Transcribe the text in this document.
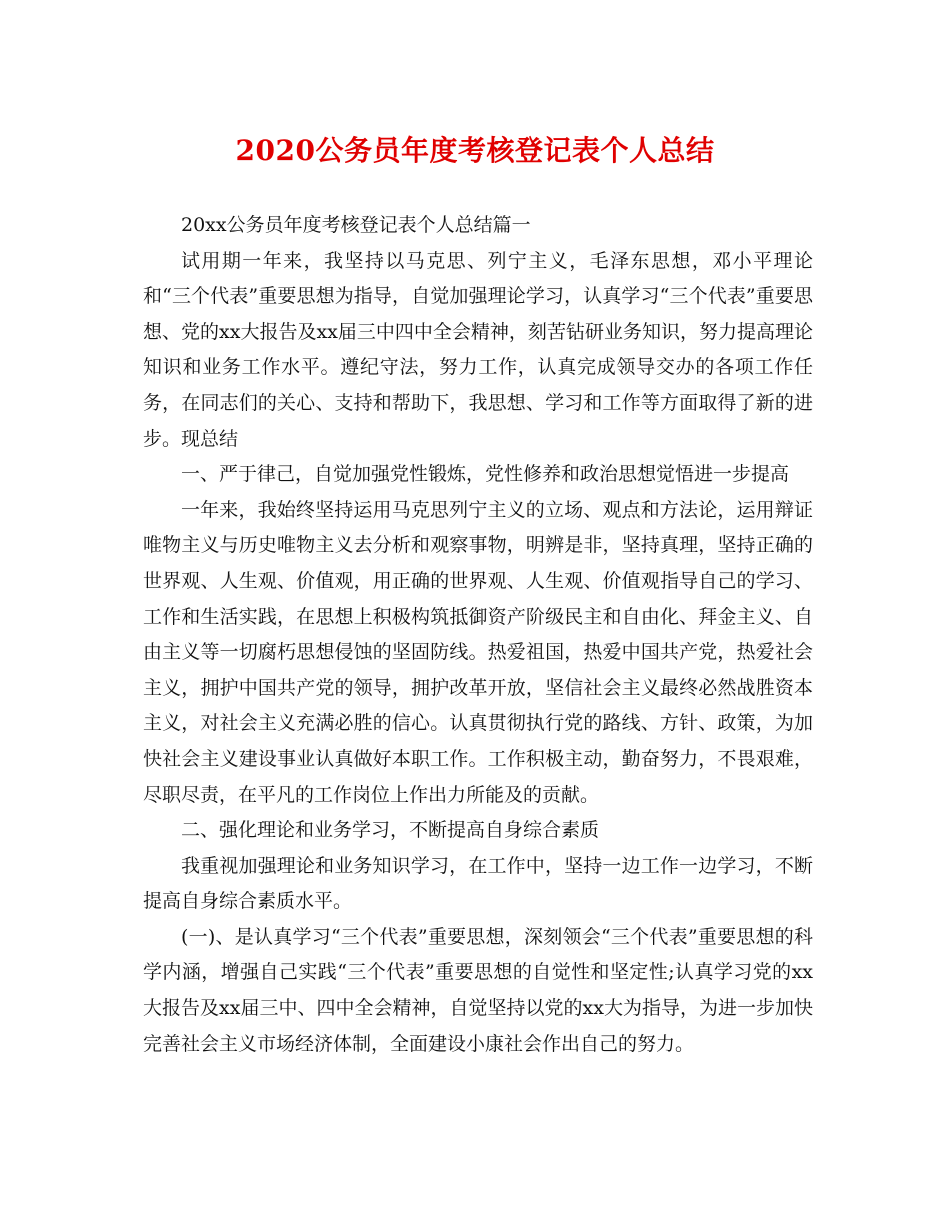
2020公务员年度考核登记表个人总结

20xx公务员年度考核登记表个人总结篇一

试用期一年来，我坚持以马克思、列宁主义，毛泽东思想，邓小平理论和“三个代表”重要思想为指导，自觉加强理论学习，认真学习“三个代表”重要思想、党的xx大报告及xx届三中四中全会精神，刻苦钻研业务知识，努力提高理论知识和业务工作水平。遵纪守法，努力工作，认真完成领导交办的各项工作任务，在同志们的关心、支持和帮助下，我思想、学习和工作等方面取得了新的进步。现总结

一、严于律己，自觉加强党性锻炼，党性修养和政治思想觉悟进一步提高

一年来，我始终坚持运用马克思列宁主义的立场、观点和方法论，运用辩证唯物主义与历史唯物主义去分析和观察事物，明辨是非，坚持真理，坚持正确的世界观、人生观、价值观，用正确的世界观、人生观、价值观指导自己的学习、工作和生活实践，在思想上积极构筑抵御资产阶级民主和自由化、拜金主义、自由主义等一切腐朽思想侵蚀的坚固防线。热爱祖国，热爱中国共产党，热爱社会主义，拥护中国共产党的领导，拥护改革开放，坚信社会主义最终必然战胜资本主义，对社会主义充满必胜的信心。认真贯彻执行党的路线、方针、政策，为加快社会主义建设事业认真做好本职工作。工作积极主动，勤奋努力，不畏艰难，尽职尽责，在平凡的工作岗位上作出力所能及的贡献。

二、强化理论和业务学习，不断提高自身综合素质

我重视加强理论和业务知识学习，在工作中，坚持一边工作一边学习，不断提高自身综合素质水平。

(一)、是认真学习“三个代表”重要思想，深刻领会“三个代表”重要思想的科学内涵，增强自己实践“三个代表”重要思想的自觉性和坚定性;认真学习党的xx大报告及xx届三中、四中全会精神，自觉坚持以党的xx大为指导，为进一步加快完善社会主义市场经济体制，全面建设小康社会作出自己的努力。
